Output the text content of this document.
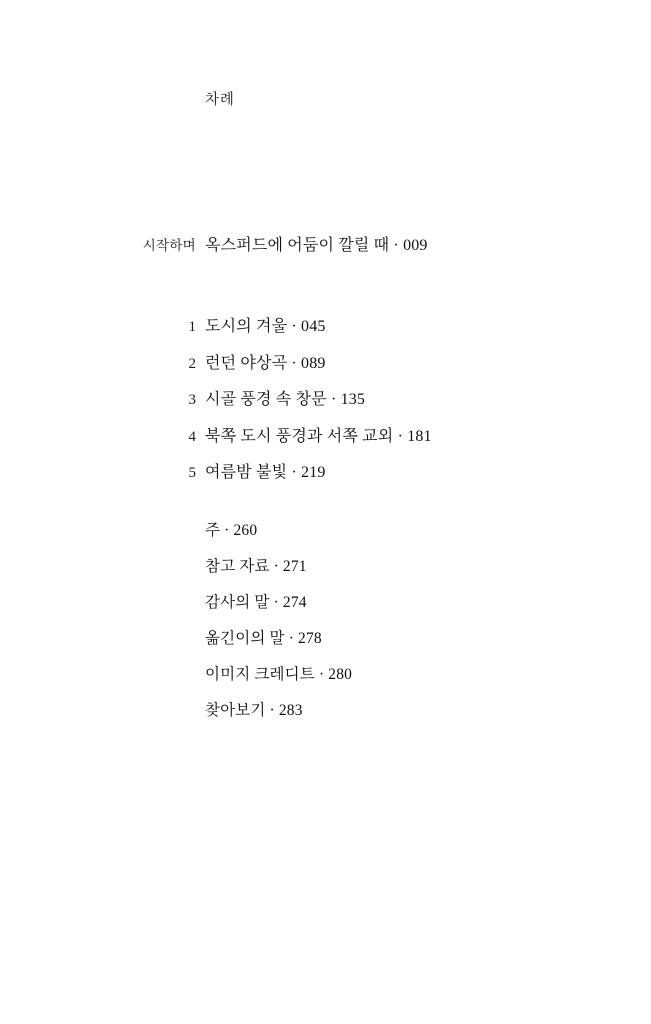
차례
시작하며 옥스퍼드에 어둠이 깔릴 때 · 009
1 도시의 겨울 · 045
2 런던 야상곡 · 089
3 시골 풍경 속 창문 · 135
4 북쪽 도시 풍경과 서쪽 교외 · 181
5 여름밤 불빛 · 219
주 · 260
참고 자료 · 271
감사의 말 · 274
옮긴이의 말 · 278
이미지 크레디트 · 280
찾아보기 · 283
